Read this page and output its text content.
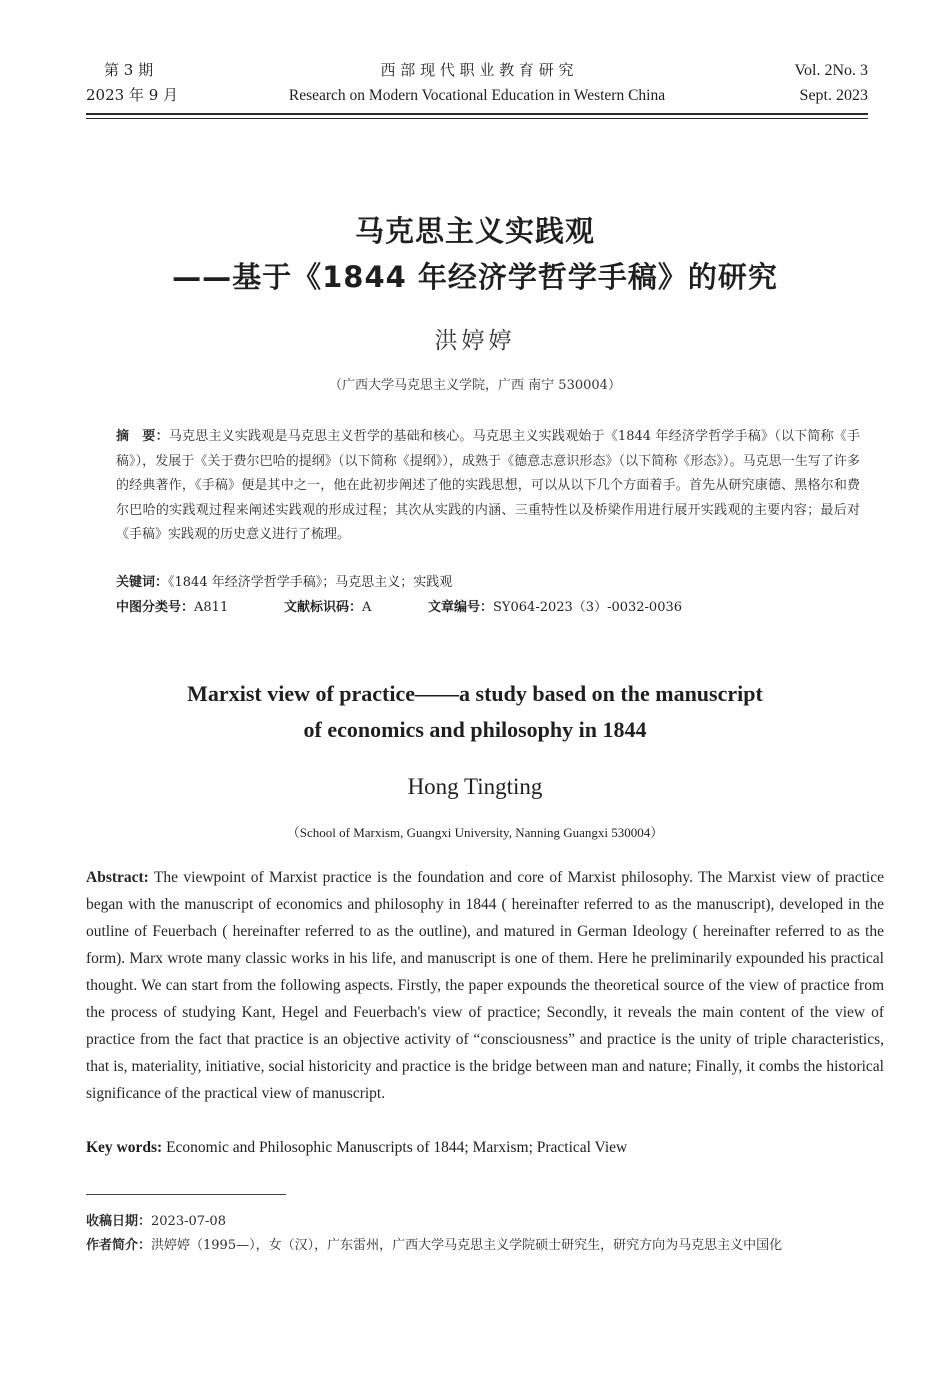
第 3 期
2023 年 9 月
西 部 现 代 职 业 教 育 研 究
Research on Modern Vocational Education in Western China
Vol. 2No. 3
Sept. 2023
马克思主义实践观
——基于《1844 年经济学哲学手稿》的研究
洪婷婷
（广西大学马克思主义学院，广西 南宁 530004）
摘　要：马克思主义实践观是马克思主义哲学的基础和核心。马克思主义实践观始于《1844 年经济学哲学手稿》（以下简称《手稿》），发展于《关于费尔巴哈的提纲》（以下简称《提纲》），成熟于《德意志意识形态》（以下简称《形态》）。马克思一生写了许多的经典著作，《手稿》便是其中之一，他在此初步阐述了他的实践思想，可以从以下几个方面着手。首先从研究康德、黑格尔和费尔巴哈的实践观过程来阐述实践观的形成过程；其次从实践的内涵、三重特性以及桥梁作用进行展开实践观的主要内容；最后对《手稿》实践观的历史意义进行了梳理。
关键词：《1844 年经济学哲学手稿》；马克思主义；实践观
中图分类号：A811	文献标识码：A	文章编号：SY064-2023（3）-0032-0036
Marxist view of practice——a study based on the manuscript
of economics and philosophy in 1844
Hong Tingting
（School of Marxism, Guangxi University, Nanning Guangxi 530004）
Abstract: The viewpoint of Marxist practice is the foundation and core of Marxist philosophy. The Marxist view of practice began with the manuscript of economics and philosophy in 1844 ( hereinafter referred to as the manuscript), developed in the outline of Feuerbach ( hereinafter referred to as the outline), and matured in German Ideology ( hereinafter referred to as the form). Marx wrote many classic works in his life, and manuscript is one of them. Here he preliminarily expounded his practical thought. We can start from the following aspects. Firstly, the paper expounds the theoretical source of the view of practice from the process of studying Kant, Hegel and Feuerbach's view of practice; Secondly, it reveals the main content of the view of practice from the fact that practice is an objective activity of “consciousness” and practice is the unity of triple characteristics, that is, materiality, initiative, social historicity and practice is the bridge between man and nature; Finally, it combs the historical significance of the practical view of manuscript.
Key words: Economic and Philosophic Manuscripts of 1844; Marxism; Practical View
收稿日期：2023-07-08
作者简介：洪婷婷（1995—），女（汉），广东雷州，广西大学马克思主义学院硕士研究生，研究方向为马克思主义中国化
